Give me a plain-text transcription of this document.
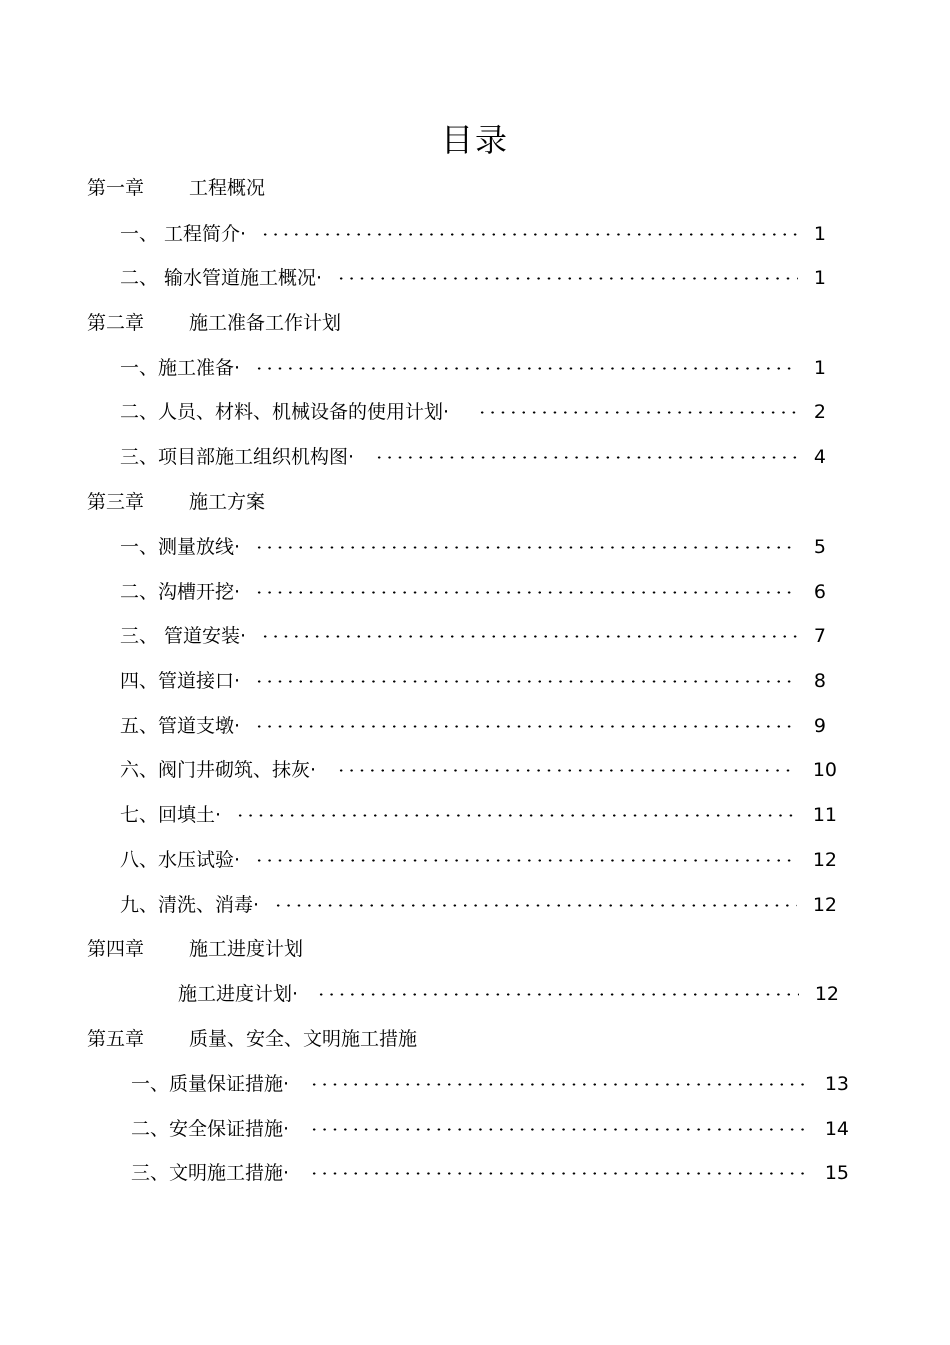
目录
第一章 工程概况
一、 工程简介·	1
二、 输水管道施工概况·	1
第二章 施工准备工作计划
一、施工准备·	1
二、人员、材料、机械设备的使用计划·	2
三、项目部施工组织机构图·	4
第三章 施工方案
一、测量放线·	5
二、沟槽开挖·	6
三、 管道安装·	7
四、管道接口·	8
五、管道支墩·	9
六、阀门井砌筑、抹灰·	10
七、回填土·	11
八、水压试验·	12
九、清洗、消毒·	12
第四章 施工进度计划
施工进度计划·	12
第五章 质量、安全、文明施工措施
一、质量保证措施·	13
二、安全保证措施·	14
三、文明施工措施·	15
